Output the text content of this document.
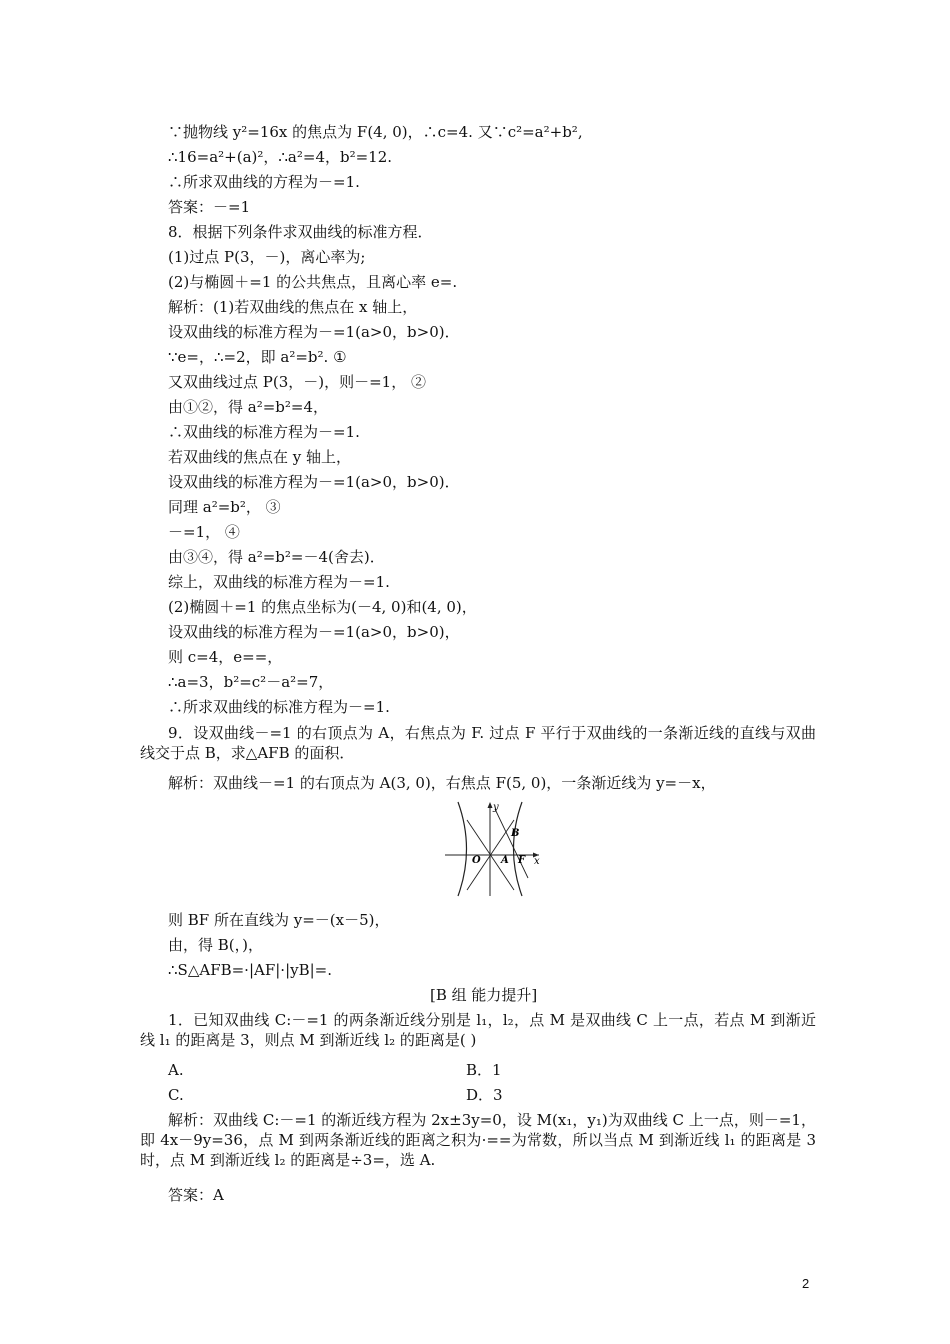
∵抛物线 y²=16x 的焦点为 F(4, 0)，∴c=4. 又∵c²=a²+b²,
∴16=a²+(a)²，∴a²=4，b²=12.
∴所求双曲线的方程为－=1.
答案：－=1
8．根据下列条件求双曲线的标准方程．
(1)过点 P(3，－)，离心率为;
(2)与椭圆＋=1 的公共焦点，且离心率 e=.
解析：(1)若双曲线的焦点在 x 轴上，
设双曲线的标准方程为－=1(a>0，b>0)．
∵e=，∴=2，即 a²=b². ①
又双曲线过点 P(3，－)，则－=1， ②
由①②，得 a²=b²=4，
∴双曲线的标准方程为－=1.
若双曲线的焦点在 y 轴上，
设双曲线的标准方程为－=1(a>0，b>0)．
同理 a²=b²， ③
－=1， ④
由③④，得 a²=b²=－4(舍去)．
综上，双曲线的标准方程为－=1.
(2)椭圆＋=1 的焦点坐标为(－4, 0)和(4, 0)，
设双曲线的标准方程为－=1(a>0，b>0)，
则 c=4，e==，
∴a=3，b²=c²－a²=7，
∴所求双曲线的标准方程为－=1.
9．设双曲线－=1 的右顶点为 A，右焦点为 F. 过点 F 平行于双曲线的一条渐近线的直线与双曲线交于点 B，求△AFB 的面积．
解析：双曲线－=1 的右顶点为 A(3, 0)，右焦点 F(5, 0)，一条渐近线为 y=－x，
y
x
O A F
B
则 BF 所在直线为 y=－(x－5)，
由，得 B(，)，
∴S△AFB=·|AF|·|yB|=.
[B 组 能力提升]
1．已知双曲线 C:－=1 的两条渐近线分别是 l₁，l₂，点 M 是双曲线 C 上一点，若点 M 到渐近线 l₁ 的距离是 3，则点 M 到渐近线 l₂ 的距离是( )
A.	B．1
C.	D．3
解析：双曲线 C:－=1 的渐近线方程为 2x±3y=0，设 M(x₁，y₁)为双曲线 C 上一点，则－=1，即 4x－9y=36，点 M 到两条渐近线的距离之积为·==为常数，所以当点 M 到渐近线 l₁ 的距离是 3 时，点 M 到渐近线 l₂ 的距离是÷3=，选 A.
答案：A
2
